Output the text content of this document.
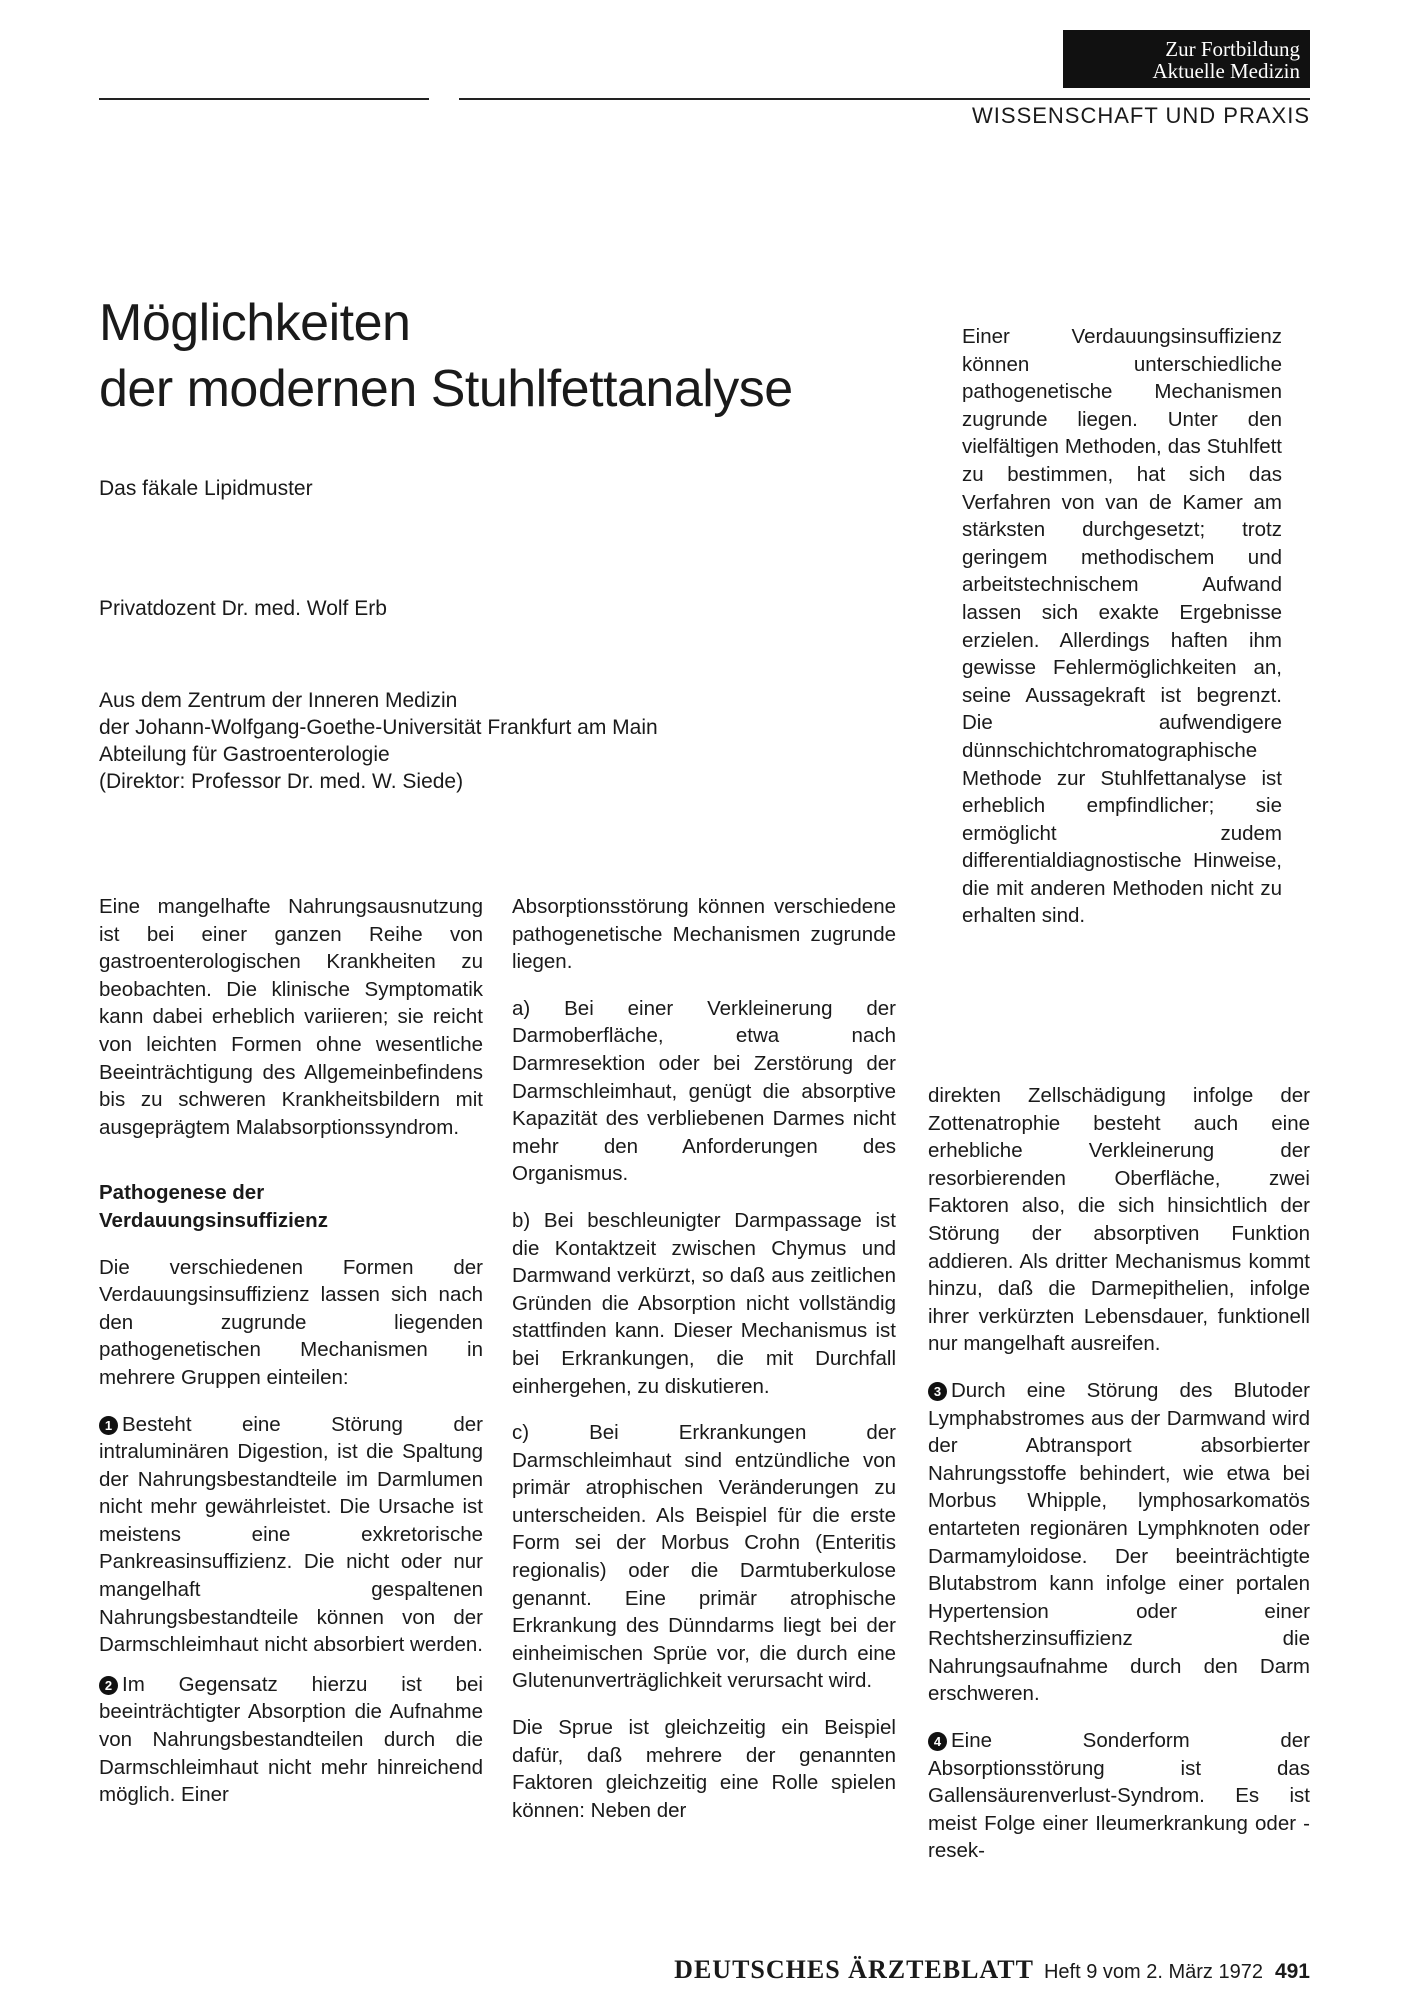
Zur Fortbildung
Aktuelle Medizin
WISSENSCHAFT UND PRAXIS
Möglichkeiten
der modernen Stuhlfettanalyse
Das fäkale Lipidmuster
Privatdozent Dr. med. Wolf Erb
Aus dem Zentrum der Inneren Medizin
der Johann-Wolfgang-Goethe-Universität Frankfurt am Main
Abteilung für Gastroenterologie
(Direktor: Professor Dr. med. W. Siede)

Einer Verdauungsinsuffizienz können unterschiedliche pathogenetische Mechanismen zugrunde liegen. Unter den vielfältigen Methoden, das Stuhlfett zu bestimmen, hat sich das Verfahren von van de Kamer am stärksten durchgesetzt; trotz geringem methodischem und arbeitstechnischem Aufwand lassen sich exakte Ergebnisse erzielen. Allerdings haften ihm gewisse Fehlermöglichkeiten an, seine Aussagekraft ist begrenzt. Die aufwendigere dünnschichtchromatographische Methode zur Stuhlfettanalyse ist erheblich empfindlicher; sie ermöglicht zudem differentialdiagnostische Hinweise, die mit anderen Methoden nicht zu erhalten sind.

Eine mangelhafte Nahrungsausnutzung ist bei einer ganzen Reihe von gastroenterologischen Krankheiten zu beobachten. Die klinische Symptomatik kann dabei erheblich variieren; sie reicht von leichten Formen ohne wesentliche Beeinträchtigung des Allgemeinbefindens bis zu schweren Krankheitsbildern mit ausgeprägtem Malabsorptionssyndrom.

Pathogenese der
Verdauungsinsuffizienz

Die verschiedenen Formen der Verdauungsinsuffizienz lassen sich nach den zugrunde liegenden pathogenetischen Mechanismen in mehrere Gruppen einteilen:

1 Besteht eine Störung der intraluminären Digestion, ist die Spaltung der Nahrungsbestandteile im Darmlumen nicht mehr gewährleistet. Die Ursache ist meistens eine exkretorische Pankreasinsuffizienz. Die nicht oder nur mangelhaft gespaltenen Nahrungsbestandteile können von der Darmschleimhaut nicht absorbiert werden.

2 Im Gegensatz hierzu ist bei beeinträchtigter Absorption die Aufnahme von Nahrungsbestandteilen durch die Darmschleimhaut nicht mehr hinreichend möglich. Einer

Absorptionsstörung können verschiedene pathogenetische Mechanismen zugrunde liegen.

a) Bei einer Verkleinerung der Darmoberfläche, etwa nach Darmresektion oder bei Zerstörung der Darmschleimhaut, genügt die absorptive Kapazität des verbliebenen Darmes nicht mehr den Anforderungen des Organismus.

b) Bei beschleunigter Darmpassage ist die Kontaktzeit zwischen Chymus und Darmwand verkürzt, so daß aus zeitlichen Gründen die Absorption nicht vollständig stattfinden kann. Dieser Mechanismus ist bei Erkrankungen, die mit Durchfall einhergehen, zu diskutieren.

c) Bei Erkrankungen der Darmschleimhaut sind entzündliche von primär atrophischen Veränderungen zu unterscheiden. Als Beispiel für die erste Form sei der Morbus Crohn (Enteritis regionalis) oder die Darmtuberkulose genannt. Eine primär atrophische Erkrankung des Dünndarms liegt bei der einheimischen Sprüe vor, die durch eine Glutenunverträglichkeit verursacht wird.

Die Sprue ist gleichzeitig ein Beispiel dafür, daß mehrere der genannten Faktoren gleichzeitig eine Rolle spielen können: Neben der

direkten Zellschädigung infolge der Zottenatrophie besteht auch eine erhebliche Verkleinerung der resorbierenden Oberfläche, zwei Faktoren also, die sich hinsichtlich der Störung der absorptiven Funktion addieren. Als dritter Mechanismus kommt hinzu, daß die Darmepithelien, infolge ihrer verkürzten Lebensdauer, funktionell nur mangelhaft ausreifen.

3 Durch eine Störung des Blutoder Lymphabstromes aus der Darmwand wird der Abtransport absorbierter Nahrungsstoffe behindert, wie etwa bei Morbus Whipple, lymphosarkomatös entarteten regionären Lymphknoten oder Darmamyloidose. Der beeinträchtigte Blutabstrom kann infolge einer portalen Hypertension oder einer Rechtsherzinsuffizienz die Nahrungsaufnahme durch den Darm erschweren.

4 Eine Sonderform der Absorptionsstörung ist das Gallensäurenverlust-Syndrom. Es ist meist Folge einer Ileumerkrankung oder -resek-

DEUTSCHES ÄRZTEBLATT Heft 9 vom 2. März 1972 491
